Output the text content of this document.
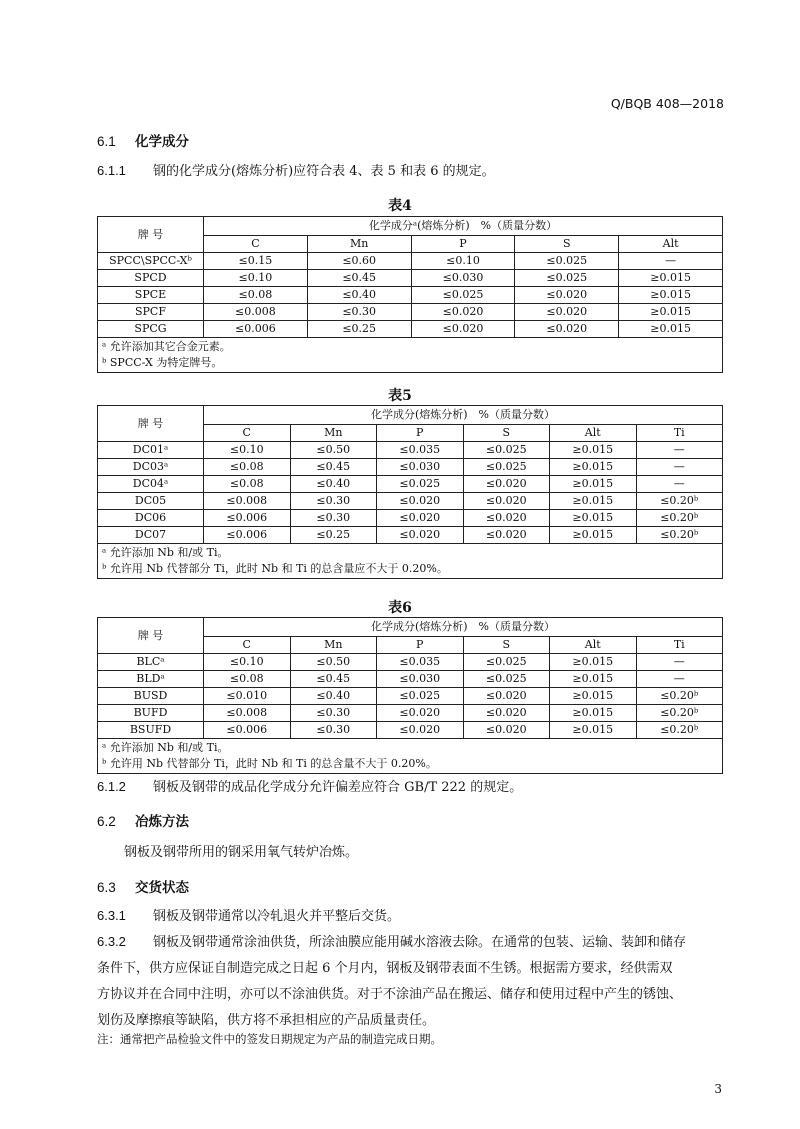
Q/BQB 408—2018
6.1 化学成分
6.1.1 钢的化学成分(熔炼分析)应符合表 4、表 5 和表 6 的规定。
表4
牌 号	化学成分ᵃ(熔炼分析)　%（质量分数）				
	C	Mn	P	S	Alt
SPCC\SPCC-Xᵇ	≤0.15	≤0.60	≤0.10	≤0.025	—
SPCD	≤0.10	≤0.45	≤0.030	≤0.025	≥0.015
SPCE	≤0.08	≤0.40	≤0.025	≤0.020	≥0.015
SPCF	≤0.008	≤0.30	≤0.020	≤0.020	≥0.015
SPCG	≤0.006	≤0.25	≤0.020	≤0.020	≥0.015

ᵃ 允许添加其它合金元素。
ᵇ SPCC-X 为特定牌号。					
表5
牌 号	化学成分(熔炼分析)　%（质量分数）					
	C	Mn	P	S	Alt	Ti
DC01ᵃ	≤0.10	≤0.50	≤0.035	≤0.025	≥0.015	—
DC03ᵃ	≤0.08	≤0.45	≤0.030	≤0.025	≥0.015	—
DC04ᵃ	≤0.08	≤0.40	≤0.025	≤0.020	≥0.015	—
DC05	≤0.008	≤0.30	≤0.020	≤0.020	≥0.015	≤0.20ᵇ
DC06	≤0.006	≤0.30	≤0.020	≤0.020	≥0.015	≤0.20ᵇ
DC07	≤0.006	≤0.25	≤0.020	≤0.020	≥0.015	≤0.20ᵇ

ᵃ 允许添加 Nb 和/或 Ti。
ᵇ 允许用 Nb 代替部分 Ti，此时 Nb 和 Ti 的总含量应不大于 0.20%。						
表6
牌 号	化学成分(熔炼分析)　%（质量分数）					
	C	Mn	P	S	Alt	Ti
BLCᵃ	≤0.10	≤0.50	≤0.035	≤0.025	≥0.015	—
BLDᵃ	≤0.08	≤0.45	≤0.030	≤0.025	≥0.015	—
BUSD	≤0.010	≤0.40	≤0.025	≤0.020	≥0.015	≤0.20ᵇ
BUFD	≤0.008	≤0.30	≤0.020	≤0.020	≥0.015	≤0.20ᵇ
BSUFD	≤0.006	≤0.30	≤0.020	≤0.020	≥0.015	≤0.20ᵇ

ᵃ 允许添加 Nb 和/或 Ti。
ᵇ 允许用 Nb 代替部分 Ti，此时 Nb 和 Ti 的总含量不大于 0.20%。						
6.1.2 钢板及钢带的成品化学成分允许偏差应符合 GB/T 222 的规定。
6.2 冶炼方法
钢板及钢带所用的钢采用氧气转炉冶炼。
6.3 交货状态
6.3.1 钢板及钢带通常以冷轧退火并平整后交货。
6.3.2 钢板及钢带通常涂油供货，所涂油膜应能用碱水溶液去除。在通常的包装、运输、装卸和储存
条件下，供方应保证自制造完成之日起 6 个月内，钢板及钢带表面不生锈。根据需方要求，经供需双
方协议并在合同中注明，亦可以不涂油供货。对于不涂油产品在搬运、储存和使用过程中产生的锈蚀、
划伤及摩擦痕等缺陷，供方将不承担相应的产品质量责任。
注：通常把产品检验文件中的签发日期规定为产品的制造完成日期。
3
